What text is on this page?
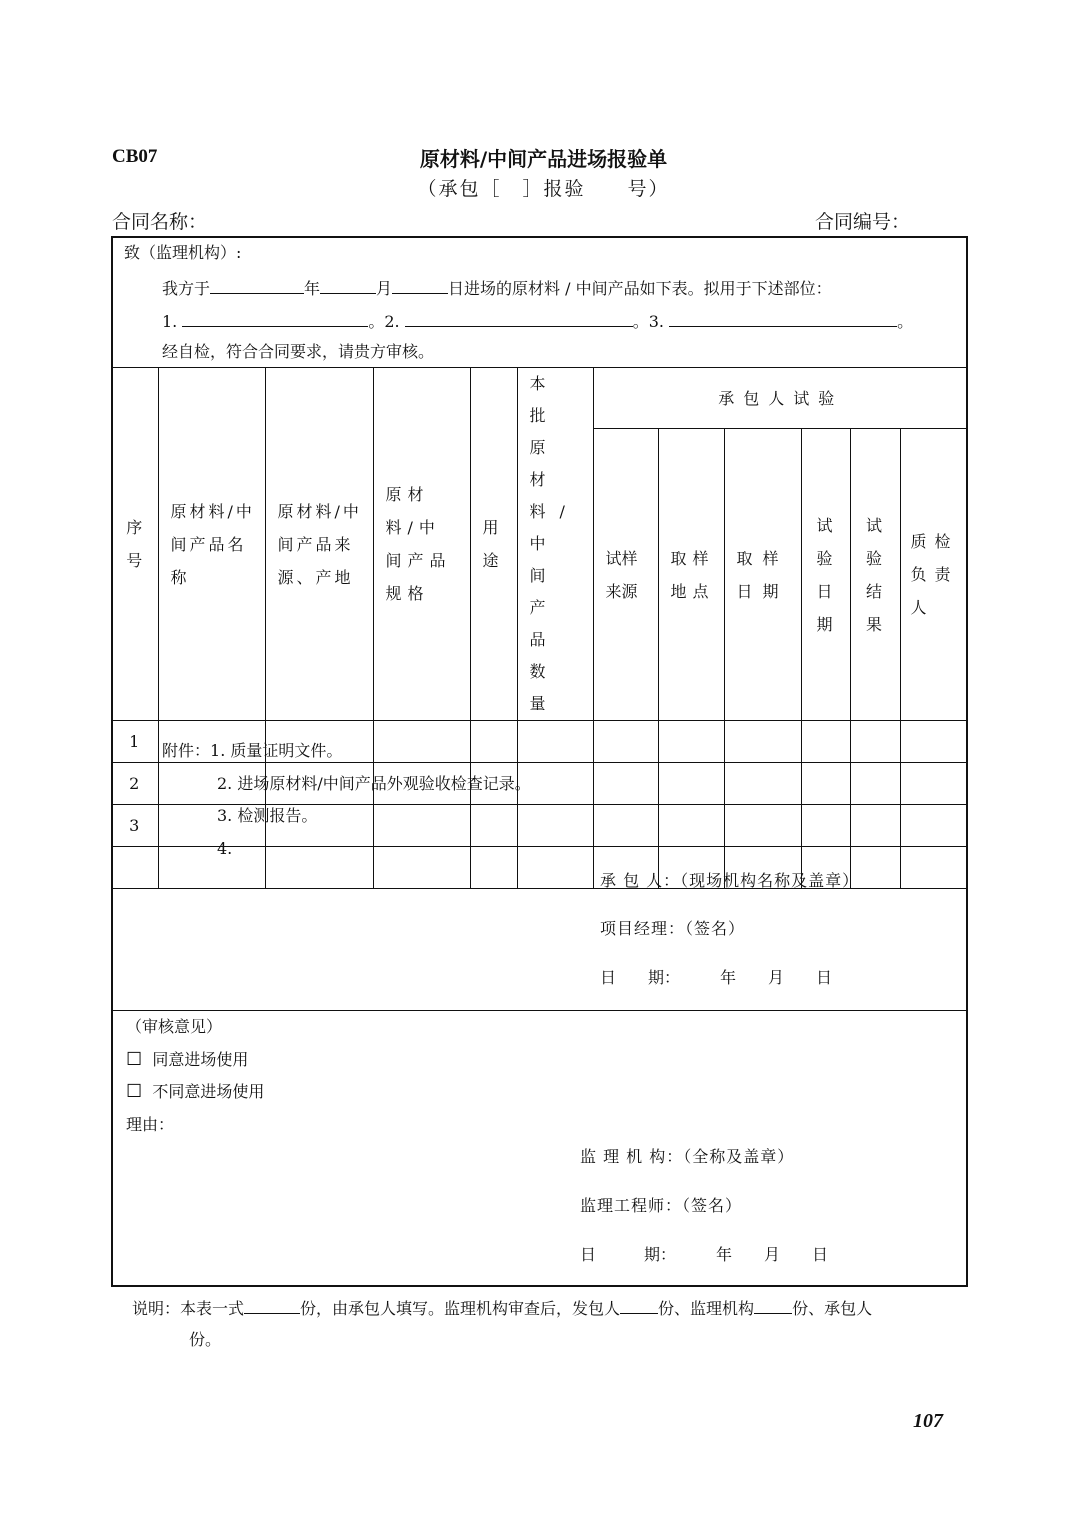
CB07	原材料/中间产品进场报验单
（承包［　］报验　　号）
合同名称：	合同编号：
致（监理机构）:
我方于	年	月	日进场的原材料 / 中间产品如下表。拟用于下述部位：
1.	。2.	。3.	。
经自检，符合合同要求，请贵方审核。
序号	原材料/中间产品名称	原材料/中间产品来源、产地	原材料/中间产品规格	用途	本批原材料/中间产品数量	承包人试验					

						试样来源	取样地点	取样日期	试验日期	试验结果	质检负责人

1											
2											
3											

附件：1. 质量证明文件。
2. 进场原材料/中间产品外观验收检查记录。
3. 检测报告。
4.
承 包 人：（现场机构名称及盖章）
项目经理：（签名）
日　　期：　　　年　　月　　日
（审核意见）
☐ 同意进场使用
☐ 不同意进场使用
理由：
监 理 机 构：（全称及盖章）
监理工程师：（签名）
日　　　期：　　　年　　月　　日
说明：本表一式	份，由承包人填写。监理机构审查后，发包人 份、监理机构 份、承包人
份。
107
